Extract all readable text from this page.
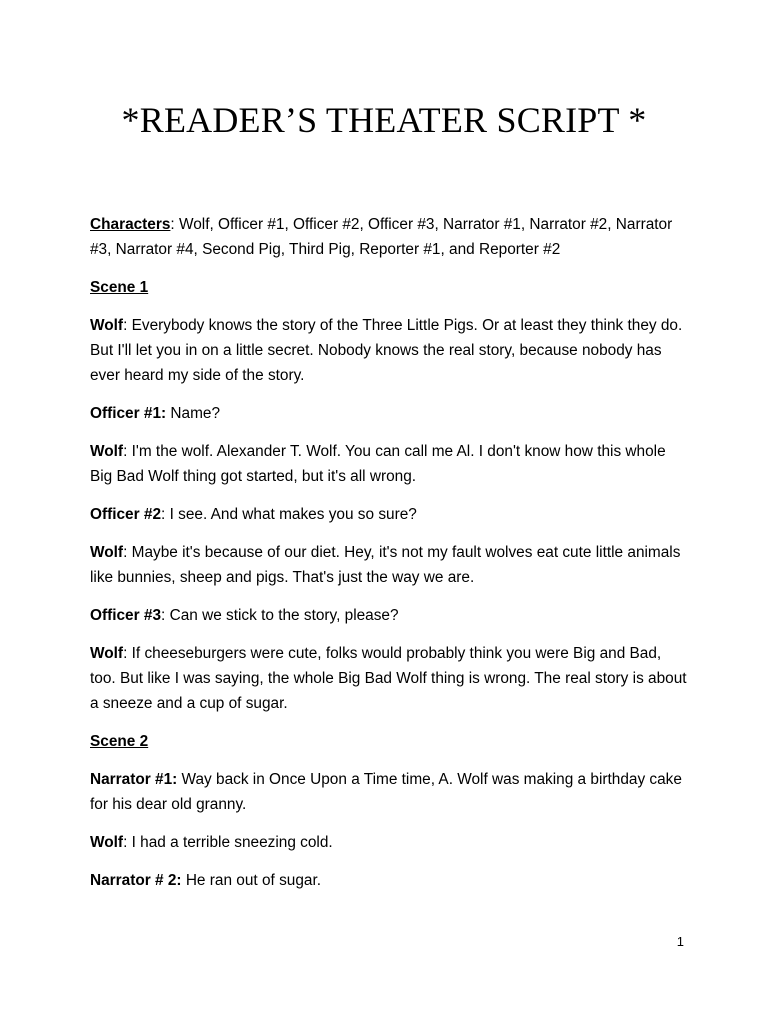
*READER’S THEATER SCRIPT *

Characters: Wolf, Officer #1, Officer #2, Officer #3, Narrator #1, Narrator #2, Narrator #3, Narrator #4, Second Pig, Third Pig, Reporter #1, and Reporter #2

Scene 1

Wolf: Everybody knows the story of the Three Little Pigs. Or at least they think they do. But I'll let you in on a little secret. Nobody knows the real story, because nobody has ever heard my side of the story.

Officer #1: Name?

Wolf: I'm the wolf. Alexander T. Wolf. You can call me Al. I don't know how this whole Big Bad Wolf thing got started, but it's all wrong.

Officer #2: I see. And what makes you so sure?

Wolf: Maybe it's because of our diet. Hey, it's not my fault wolves eat cute little animals like bunnies, sheep and pigs. That's just the way we are.

Officer #3: Can we stick to the story, please?

Wolf: If cheeseburgers were cute, folks would probably think you were Big and Bad, too. But like I was saying, the whole Big Bad Wolf thing is wrong. The real story is about a sneeze and a cup of sugar.

Scene 2

Narrator #1: Way back in Once Upon a Time time, A. Wolf was making a birthday cake for his dear old granny.

Wolf: I had a terrible sneezing cold.

Narrator # 2: He ran out of sugar.

1
